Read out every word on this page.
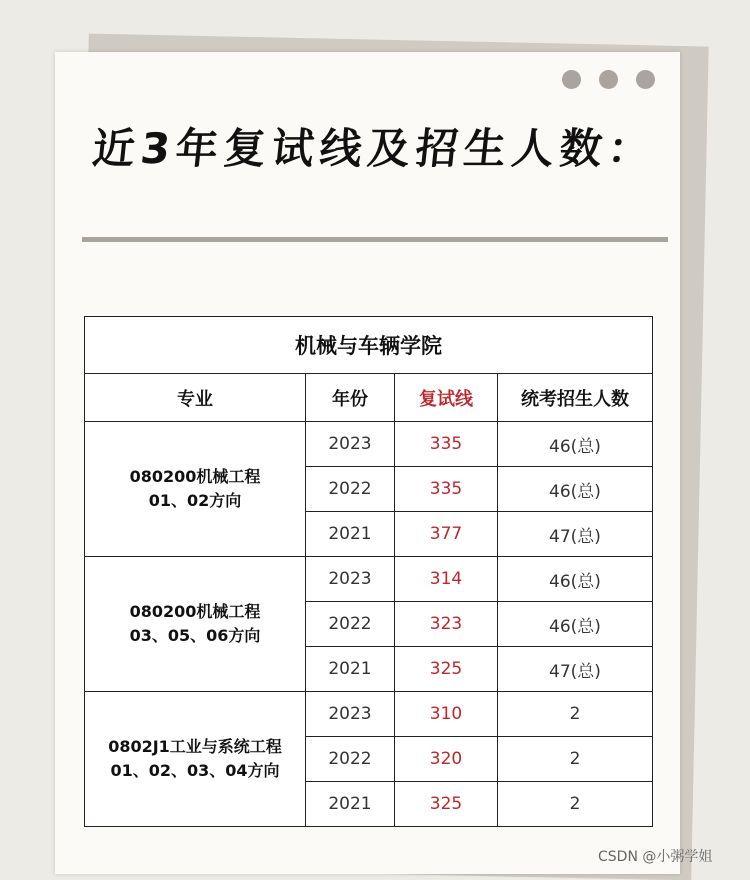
近3年复试线及招生人数：
机械与车辆学院			
专业	年份	复试线	统考招生人数

080200机械工程
01、02方向	2023	335	46(总)
	2022	335	46(总)
	2021	377	47(总)

080200机械工程
03、05、06方向	2023	314	46(总)
	2022	323	46(总)
	2021	325	47(总)

0802J1工业与系统工程
01、02、03、04方向	2023	310	2
	2022	320	2
	2021	325	2
CSDN @小粥学姐
